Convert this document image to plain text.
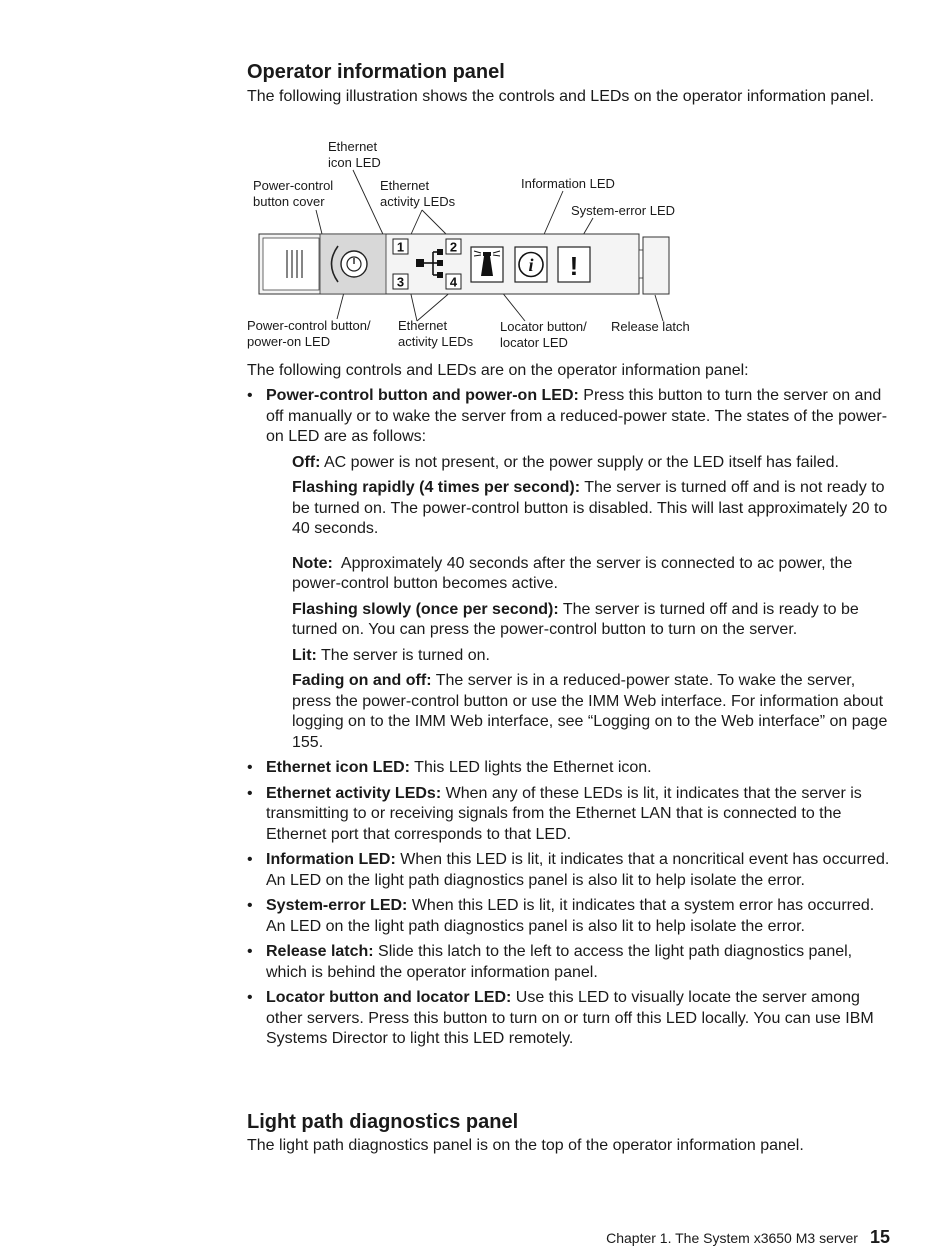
Operator information panel

The following illustration shows the controls and LEDs on the operator information panel.

1	2
3	4
i !
Ethernet
icon LED
Power-control
button cover
Ethernet
activity LEDs
Information LED
System-error LED
Power-control button/
power-on LED
Ethernet
activity LEDs
Locator button/
locator LED
Release latch

The following controls and LEDs are on the operator information panel:

• Power-control button and power-on LED: Press this button to turn the server on and off manually or to wake the server from a reduced-power state. The states of the power-on LED are as follows:

Off: AC power is not present, or the power supply or the LED itself has failed.

Flashing rapidly (4 times per second): The server is turned off and is not ready to be turned on. The power-control button is disabled. This will last approximately 20 to 40 seconds.

Note:  Approximately 40 seconds after the server is connected to ac power, the power-control button becomes active.

Flashing slowly (once per second): The server is turned off and is ready to be turned on. You can press the power-control button to turn on the server.

Lit: The server is turned on.

Fading on and off: The server is in a reduced-power state. To wake the server, press the power-control button or use the IMM Web interface. For information about logging on to the IMM Web interface, see “Logging on to the Web interface” on page 155.

• Ethernet icon LED: This LED lights the Ethernet icon.
• Ethernet activity LEDs: When any of these LEDs is lit, it indicates that the server is transmitting to or receiving signals from the Ethernet LAN that is connected to the Ethernet port that corresponds to that LED.
• Information LED: When this LED is lit, it indicates that a noncritical event has occurred. An LED on the light path diagnostics panel is also lit to help isolate the error.
• System-error LED: When this LED is lit, it indicates that a system error has occurred. An LED on the light path diagnostics panel is also lit to help isolate the error.
• Release latch: Slide this latch to the left to access the light path diagnostics panel, which is behind the operator information panel.
• Locator button and locator LED: Use this LED to visually locate the server among other servers. Press this button to turn on or turn off this LED locally. You can use IBM Systems Director to light this LED remotely.
Light path diagnostics panel

The light path diagnostics panel is on the top of the operator information panel.

Chapter 1. The System x3650 M3 server 15
